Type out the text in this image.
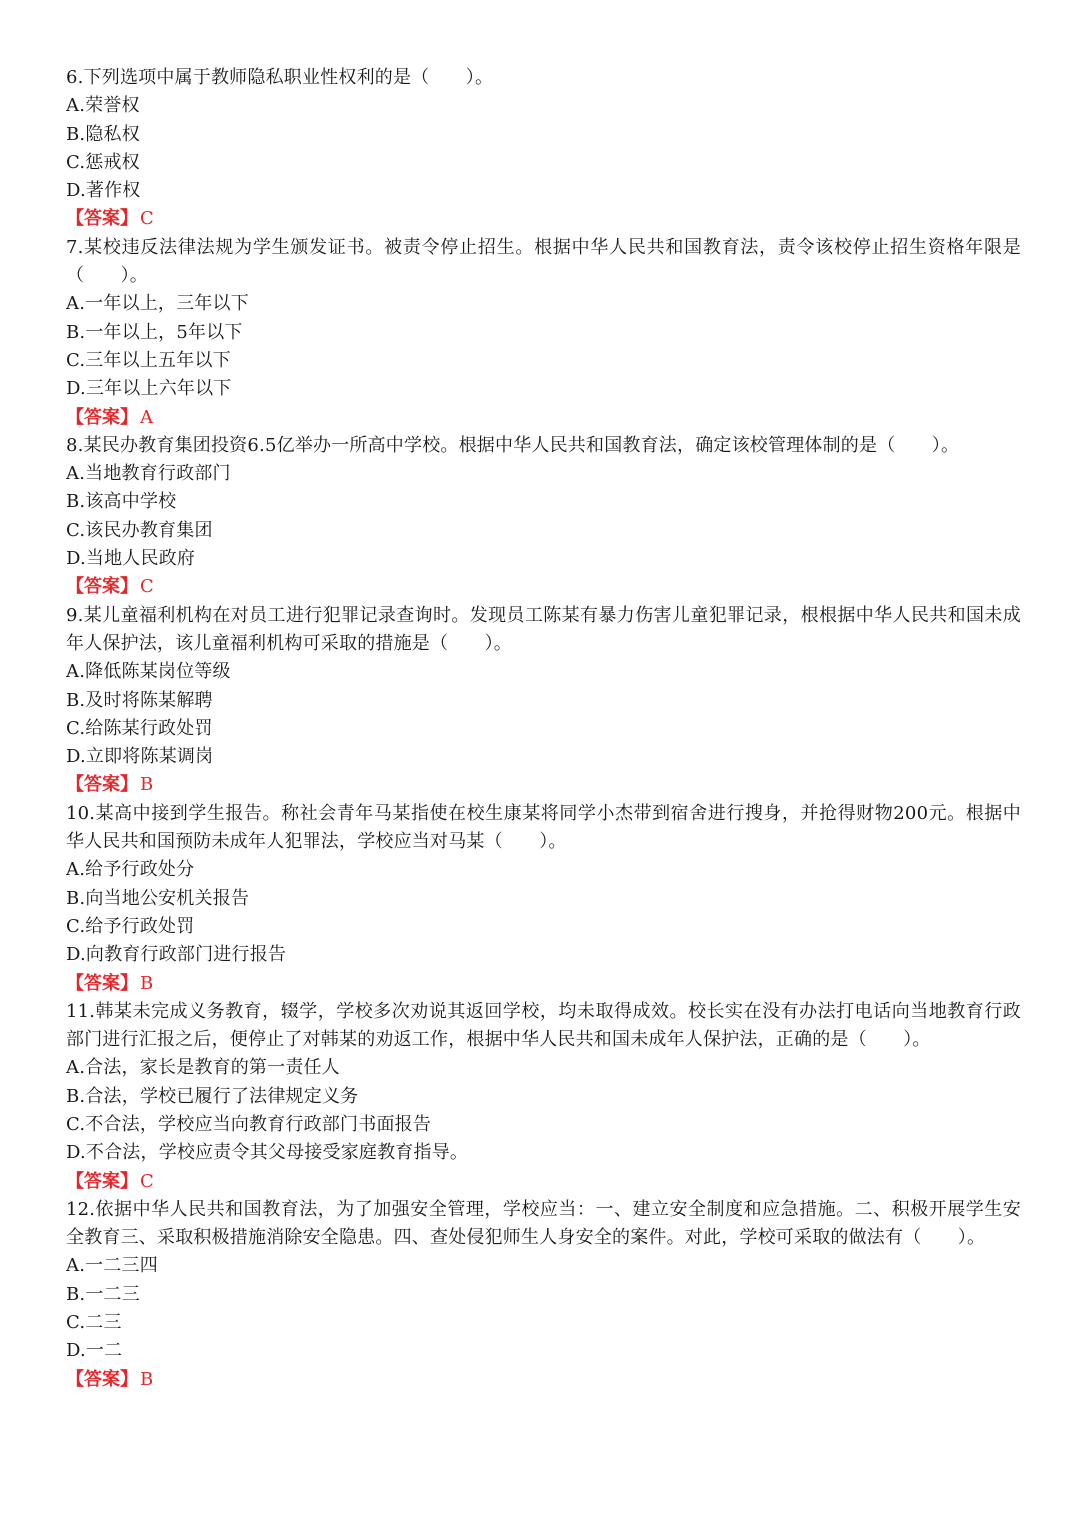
6.下列选项中属于教师隐私职业性权利的是（　　）。
A.荣誉权
B.隐私权
C.惩戒权
D.著作权
【答案】 C
7.某校违反法律法规为学生颁发证书。被责令停止招生。根据中华人民共和国教育法，责令该校停止招生资格年限是（　　）。
A.一年以上，三年以下
B.一年以上，5年以下
C.三年以上五年以下
D.三年以上六年以下
【答案】 A
8.某民办教育集团投资6.5亿举办一所高中学校。根据中华人民共和国教育法，确定该校管理体制的是（　　）。
A.当地教育行政部门
B.该高中学校
C.该民办教育集团
D.当地人民政府
【答案】 C
9.某儿童福利机构在对员工进行犯罪记录查询时。发现员工陈某有暴力伤害儿童犯罪记录，根根据中华人民共和国未成年人保护法，该儿童福利机构可采取的措施是（　　）。
A.降低陈某岗位等级
B.及时将陈某解聘
C.给陈某行政处罚
D.立即将陈某调岗
【答案】 B
10.某高中接到学生报告。称社会青年马某指使在校生康某将同学小杰带到宿舍进行搜身，并抢得财物200元。根据中华人民共和国预防未成年人犯罪法，学校应当对马某（　　）。
A.给予行政处分
B.向当地公安机关报告
C.给予行政处罚
D.向教育行政部门进行报告
【答案】 B
11.韩某未完成义务教育，辍学，学校多次劝说其返回学校，均未取得成效。校长实在没有办法打电话向当地教育行政部门进行汇报之后，便停止了对韩某的劝返工作，根据中华人民共和国未成年人保护法，正确的是（　　）。
A.合法，家长是教育的第一责任人
B.合法，学校已履行了法律规定义务
C.不合法，学校应当向教育行政部门书面报告
D.不合法，学校应责令其父母接受家庭教育指导。
【答案】 C
12.依据中华人民共和国教育法，为了加强安全管理，学校应当：一、建立安全制度和应急措施。二、积极开展学生安全教育三、采取积极措施消除安全隐患。四、查处侵犯师生人身安全的案件。对此，学校可采取的做法有（　　）。
A.一二三四
B.一二三
C.二三
D.一二
【答案】 B
